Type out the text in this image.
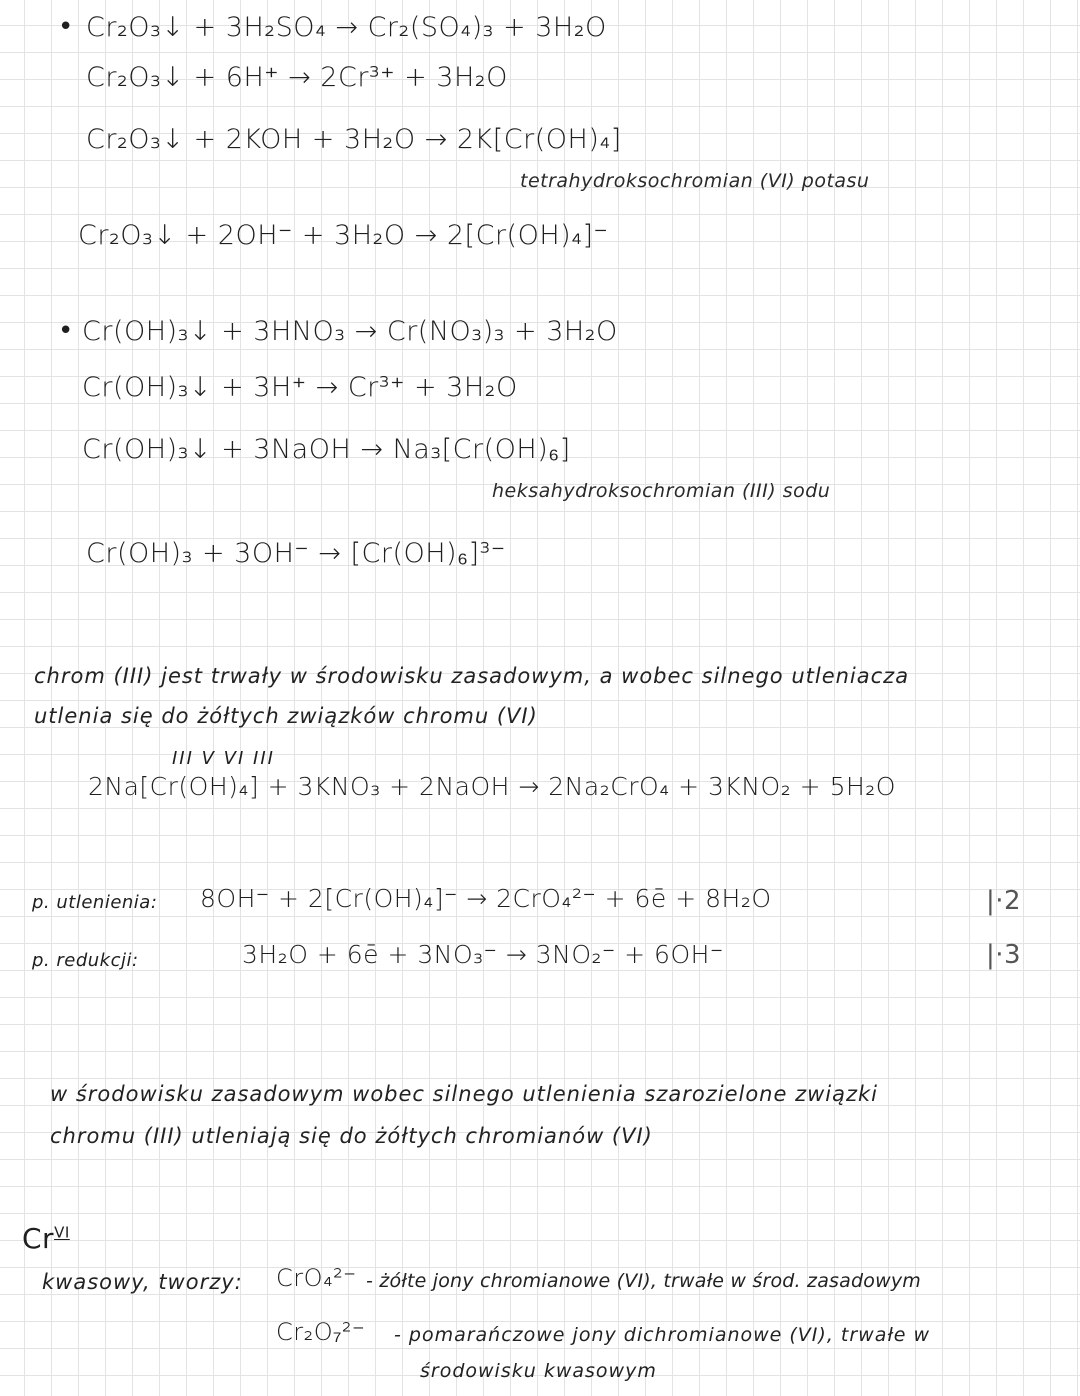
• Cr₂O₃↓ + 3H₂SO₄ → Cr₂(SO₄)₃ + 3H₂O
Cr₂O₃↓ + 6H⁺ → 2Cr³⁺ + 3H₂O
Cr₂O₃↓ + 2KOH + 3H₂O → 2K[Cr(OH)₄]
tetrahydroksochromian (VI) potasu
Cr₂O₃↓ + 2OH⁻ + 3H₂O → 2[Cr(OH)₄]⁻
• Cr(OH)₃↓ + 3HNO₃ → Cr(NO₃)₃ + 3H₂O
Cr(OH)₃↓ + 3H⁺ → Cr³⁺ + 3H₂O
Cr(OH)₃↓ + 3NaOH → Na₃[Cr(OH)₆]
heksahydroksochromian (III) sodu
Cr(OH)₃ + 3OH⁻ → [Cr(OH)₆]³⁻
chrom (III) jest trwały w środowisku zasadowym, a wobec silnego utleniacza
utlenia się do żółtych związków chromu (VI)
III V VI III
2Na[Cr(OH)₄] + 3KNO₃ + 2NaOH → 2Na₂CrO₄ + 3KNO₂ + 5H₂O
p. utlenienia: 8OH⁻ + 2[Cr(OH)₄]⁻ → 2CrO₄²⁻ + 6ē + 8H₂O	|·2
p. redukcji:	3H₂O + 6ē + 3NO₃⁻ → 3NO₂⁻ + 6OH⁻	|·3
w środowisku zasadowym wobec silnego utlenienia szarozielone związki
chromu (III) utleniają się do żółtych chromianów (VI)
$Cr^{VI}$
kwasowy, tworzy: CrO₄²⁻ - żółte jony chromianowe (VI), trwałe w środ. zasadowym
Cr₂O₇²⁻ - pomarańczowe jony dichromianowe (VI), trwałe w
środowisku kwasowym
